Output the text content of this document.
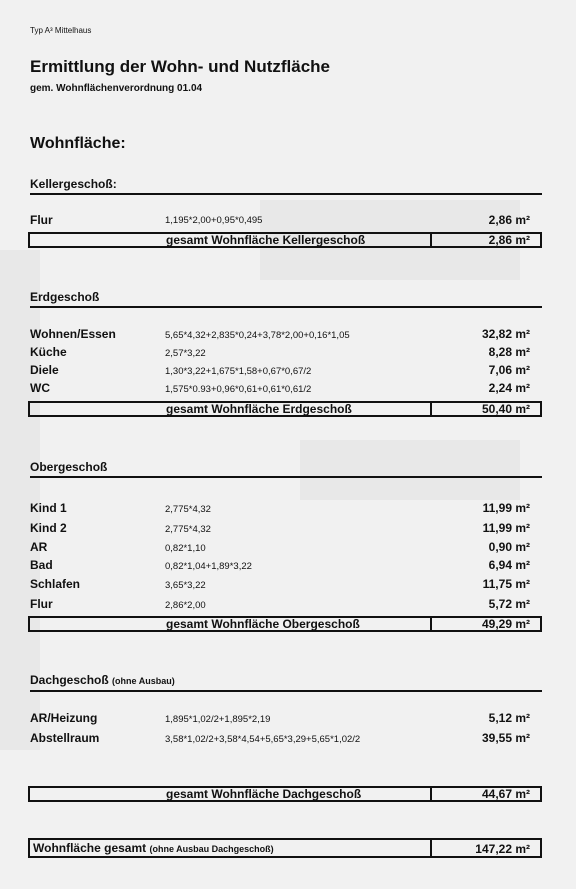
Typ A³ Mittelhaus
Ermittlung der Wohn- und Nutzfläche
gem. Wohnflächenverordnung 01.04
Wohnfläche:
Kellergeschoß:
Flur	1,195*2,00+0,95*0,495	2,86 m²
gesamt Wohnfläche Kellergeschoß	2,86 m²
Erdgeschoß
Wohnen/Essen	5,65*4,32+2,835*0,24+3,78*2,00+0,16*1,05	32,82 m²
Küche	2,57*3,22	8,28 m²
Diele	1,30*3,22+1,675*1,58+0,67*0,67/2	7,06 m²
WC	1,575*0.93+0,96*0,61+0,61*0,61/2	2,24 m²
gesamt Wohnfläche Erdgeschoß	50,40 m²
Obergeschoß
Kind 1	2,775*4,32	11,99 m²
Kind 2	2,775*4,32	11,99 m²
AR	0,82*1,10	0,90 m²
Bad	0,82*1,04+1,89*3,22	6,94 m²
Schlafen	3,65*3,22	11,75 m²
Flur	2,86*2,00	5,72 m²
gesamt Wohnfläche Obergeschoß	49,29 m²
Dachgeschoß (ohne Ausbau)
AR/Heizung	1,895*1,02/2+1,895*2,19	5,12 m²
Abstellraum	3,58*1,02/2+3,58*4,54+5,65*3,29+5,65*1,02/2	39,55 m²
gesamt Wohnfläche Dachgeschoß	44,67 m²
Wohnfläche gesamt (ohne Ausbau Dachgeschoß)	147,22 m²
